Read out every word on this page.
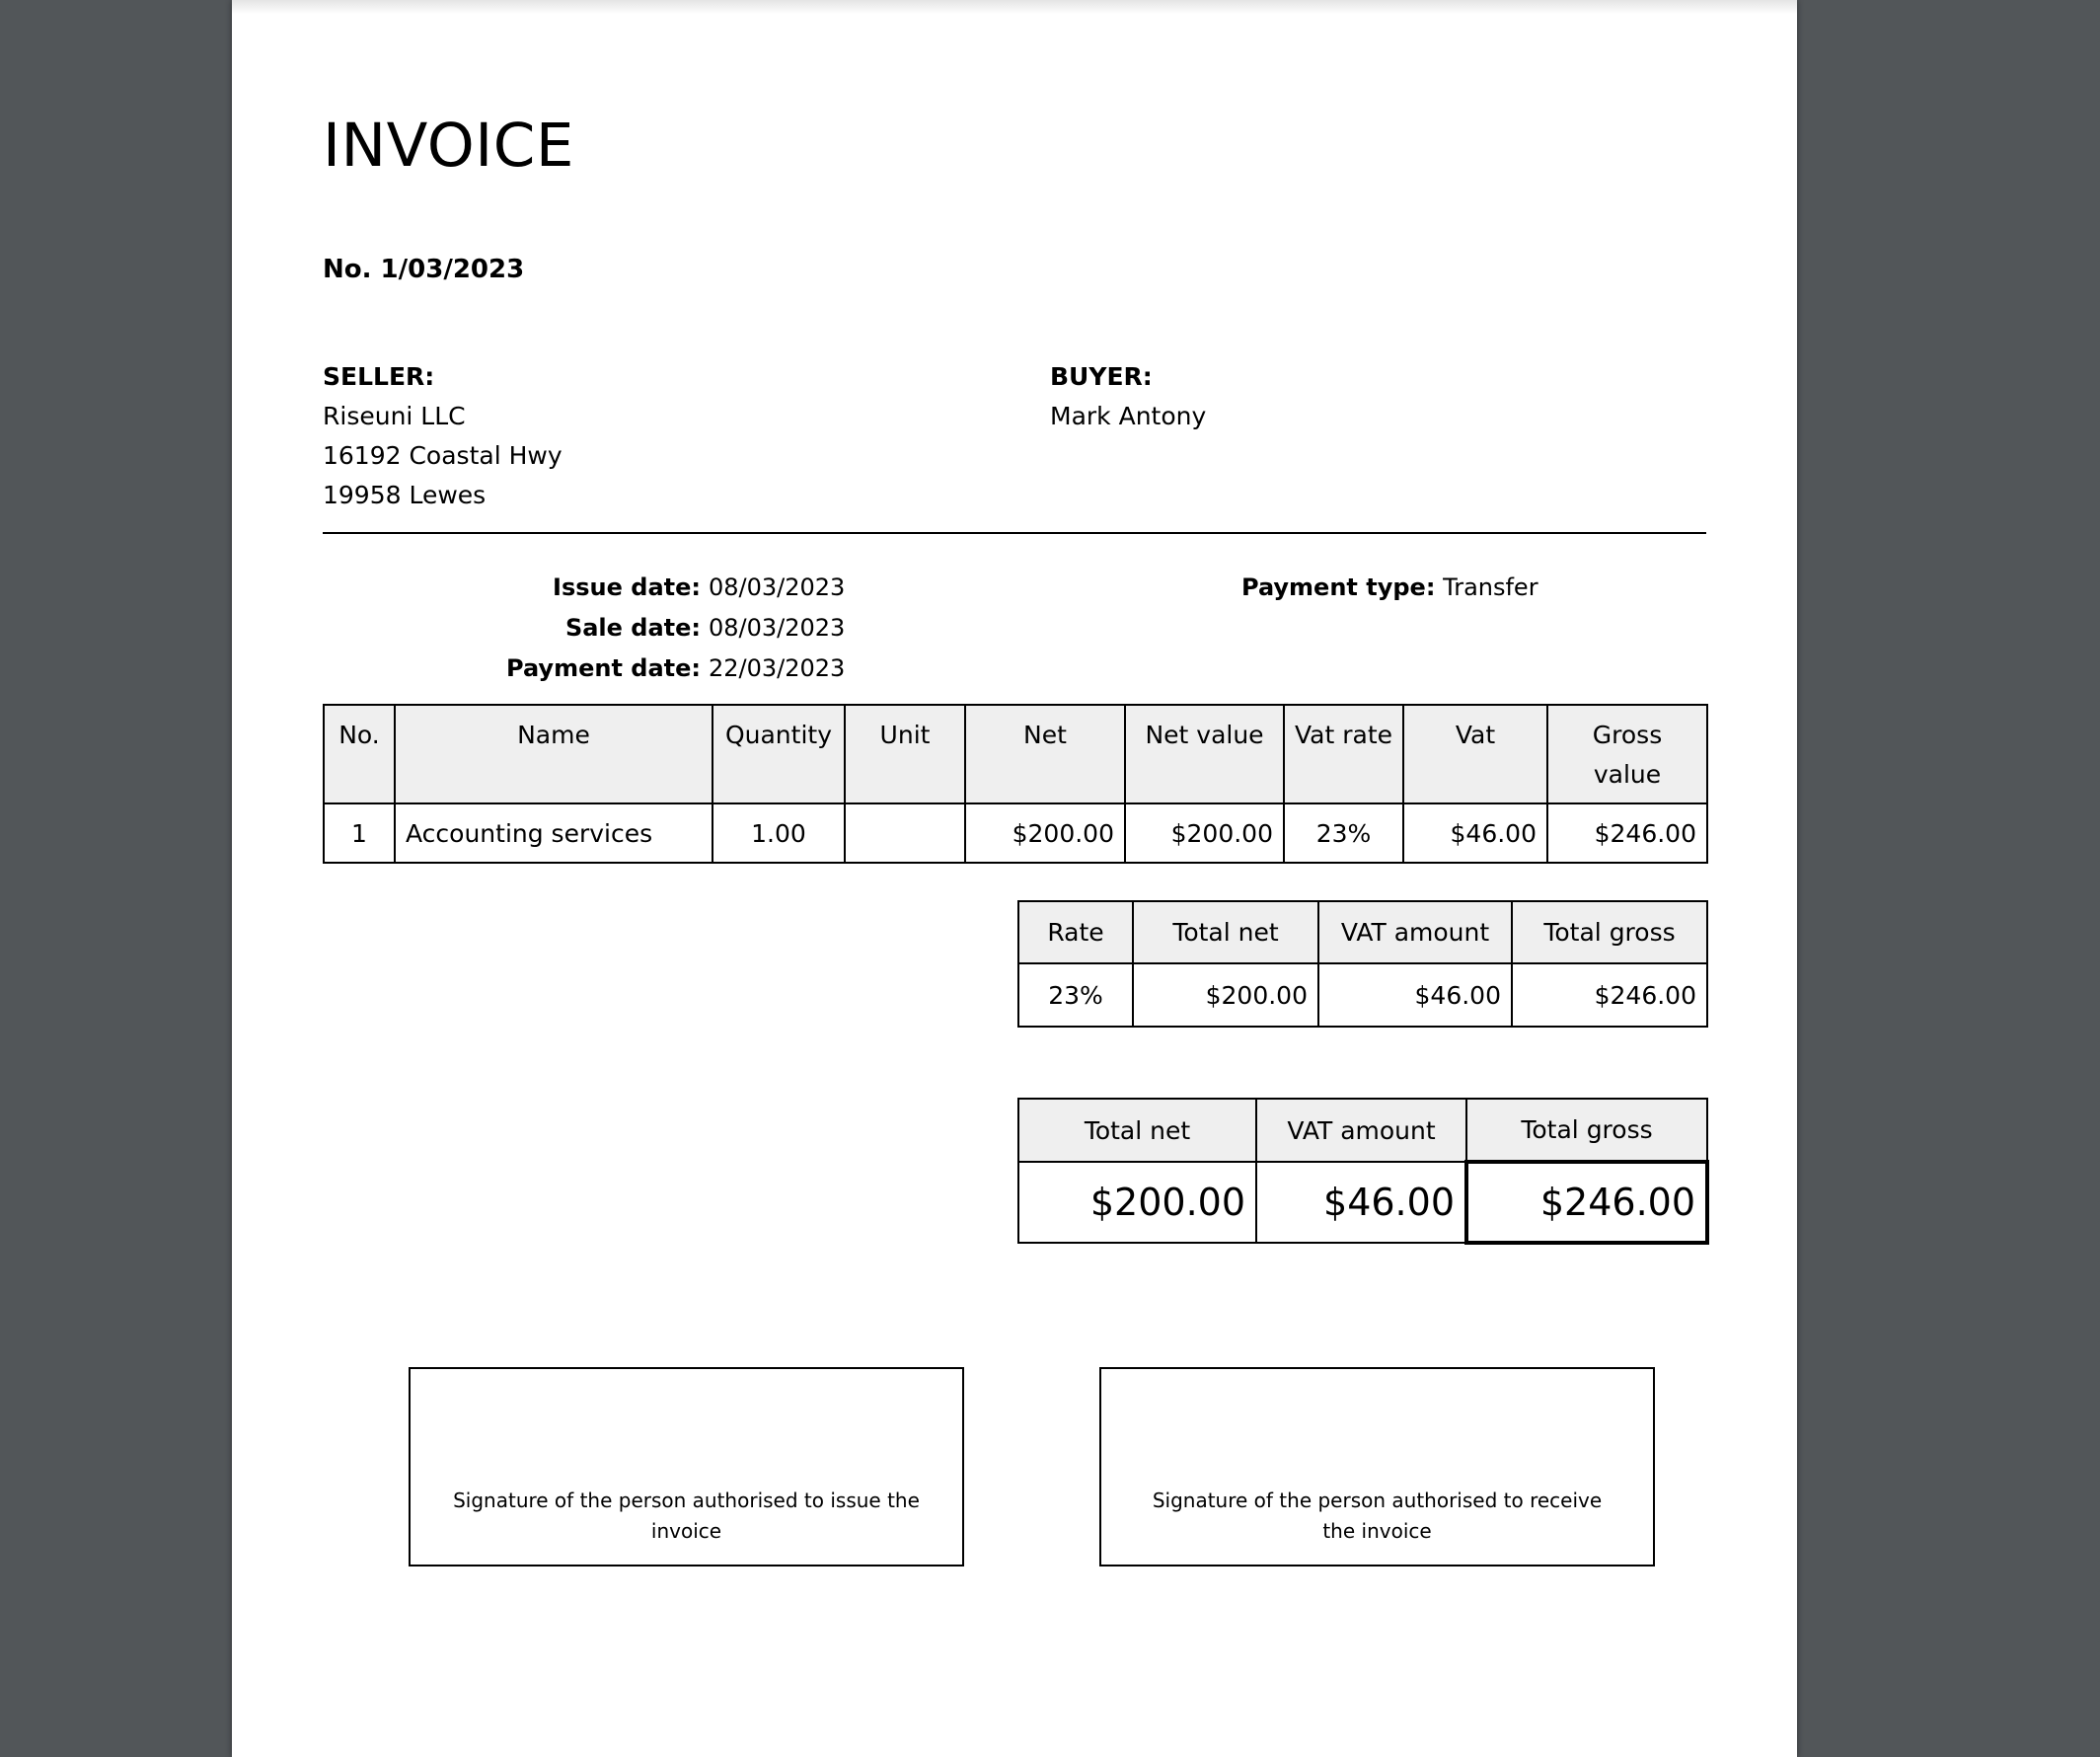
INVOICE
No. 1/03/2023
SELLER:
Riseuni LLC
16192 Coastal Hwy
19958 Lewes
BUYER:
Mark Antony
Issue date: 08/03/2023
Sale date: 08/03/2023
Payment date: 22/03/2023
Payment type: Transfer
No.	Name	Quantity	Unit	Net	Net value	Vat rate	Vat	Gross value
1	Accounting services	1.00		$200.00	$200.00	23%	$46.00	$246.00
Rate	Total net	VAT amount	Total gross
23%	$200.00	$46.00	$246.00
Total net	VAT amount	Total gross
$200.00	$46.00	$246.00
Signature of the person authorised to issue the invoice
Signature of the person authorised to receive the invoice
